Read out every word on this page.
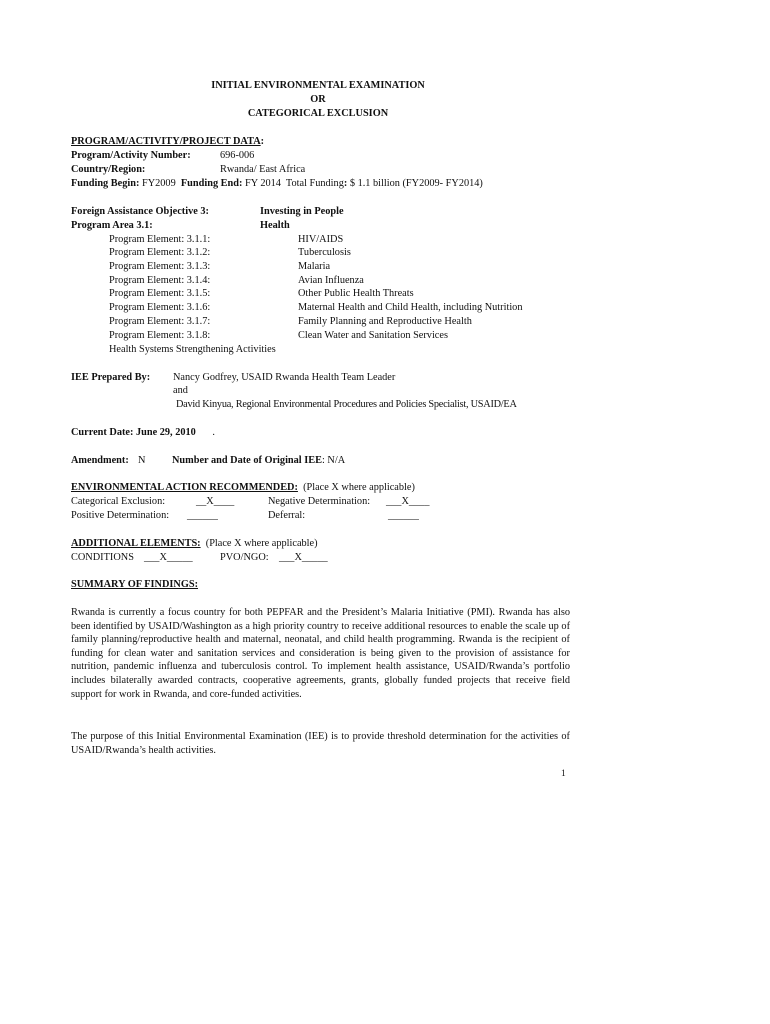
INITIAL ENVIRONMENTAL EXAMINATION
OR
CATEGORICAL EXCLUSION
PROGRAM/ACTIVITY/PROJECT DATA:
Program/Activity Number:	696-006
Country/Region:	Rwanda/ East Africa
Funding Begin: FY2009 Funding End: FY 2014 Total Funding: $ 1.1 billion (FY2009- FY2014)
Foreign Assistance Objective 3:	Investing in People
Program Area 3.1:	Health
Program Element: 3.1.1:	HIV/AIDS
Program Element: 3.1.2:	Tuberculosis
Program Element: 3.1.3:	Malaria
Program Element: 3.1.4:	Avian Influenza
Program Element: 3.1.5:	Other Public Health Threats
Program Element: 3.1.6:	Maternal Health and Child Health, including Nutrition
Program Element: 3.1.7:	Family Planning and Reproductive Health
Program Element: 3.1.8:	Clean Water and Sanitation Services
Health Systems Strengthening Activities
IEE Prepared By: Nancy Godfrey, USAID Rwanda Health Team Leader
and
David Kinyua, Regional Environmental Procedures and Policies Specialist, USAID/EA
Current Date: June 29, 2010 .
Amendment: N	Number and Date of Original IEE: N/A
ENVIRONMENTAL ACTION RECOMMENDED: (Place X where applicable)
Categorical Exclusion:	__X____	Negative Determination: ___X____
Positive Determination: ______	Deferral:	______
ADDITIONAL ELEMENTS: (Place X where applicable)
CONDITIONS ___X_____	PVO/NGO: ___X_____
SUMMARY OF FINDINGS:
Rwanda is currently a focus country for both PEPFAR and the President’s Malaria Initiative (PMI). Rwanda has also been identified by USAID/Washington as a high priority country to receive additional resources to enable the scale up of family planning/reproductive health and maternal, neonatal, and child health programming. Rwanda is the recipient of funding for clean water and sanitation services and consideration is being given to the provision of assistance for nutrition, pandemic influenza and tuberculosis control. To implement health assistance, USAID/Rwanda’s portfolio includes bilaterally awarded contracts, cooperative agreements, grants, globally funded projects that receive field support for work in Rwanda, and core-funded activities.
The purpose of this Initial Environmental Examination (IEE) is to provide threshold determination for the activities of USAID/Rwanda’s health activities.
1
